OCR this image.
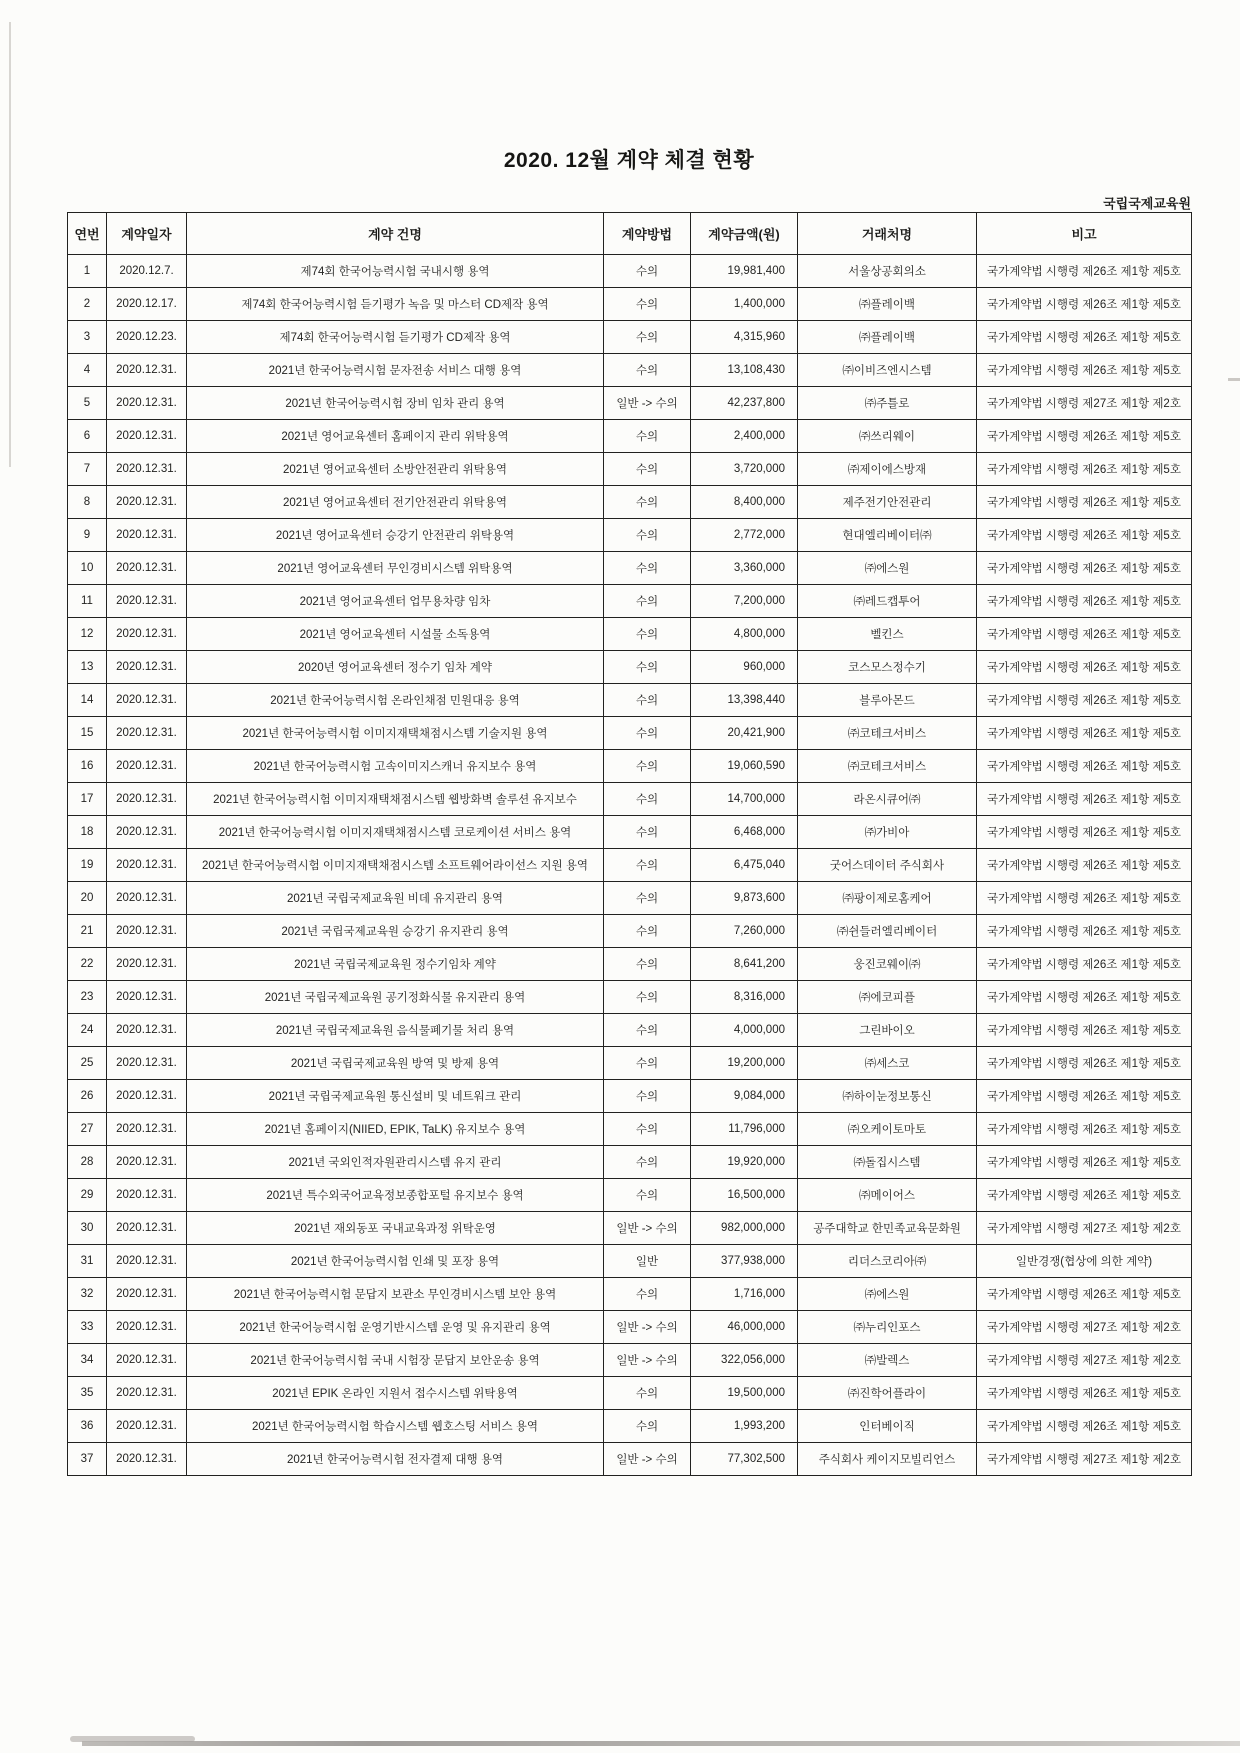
2020. 12월 계약 체결 현황
국립국제교육원
연번	계약일자	계약 건명	계약방법	계약금액(원)	거래처명	비고
1	2020.12.7.	제74회 한국어능력시험 국내시행 용역	수의	19,981,400	서울상공회의소	국가계약법 시행령 제26조 제1항 제5호
2	2020.12.17.	제74회 한국어능력시험 듣기평가 녹음 및 마스터 CD제작 용역	수의	1,400,000	㈜플레이백	국가계약법 시행령 제26조 제1항 제5호
3	2020.12.23.	제74회 한국어능력시험 듣기평가 CD제작 용역	수의	4,315,960	㈜플레이백	국가계약법 시행령 제26조 제1항 제5호
4	2020.12.31.	2021년 한국어능력시험 문자전송 서비스 대행 용역	수의	13,108,430	㈜이비즈엔시스템	국가계약법 시행령 제26조 제1항 제5호
5	2020.12.31.	2021년 한국어능력시험 장비 임차 관리 용역	일반 -> 수의	42,237,800	㈜주틀로	국가계약법 시행령 제27조 제1항 제2호
6	2020.12.31.	2021년 영어교육센터 홈페이지 관리 위탁용역	수의	2,400,000	㈜쓰리웨이	국가계약법 시행령 제26조 제1항 제5호
7	2020.12.31.	2021년 영어교육센터 소방안전관리 위탁용역	수의	3,720,000	㈜제이에스방재	국가계약법 시행령 제26조 제1항 제5호
8	2020.12.31.	2021년 영어교육센터 전기안전관리 위탁용역	수의	8,400,000	제주전기안전관리	국가계약법 시행령 제26조 제1항 제5호
9	2020.12.31.	2021년 영어교육센터 승강기 안전관리 위탁용역	수의	2,772,000	현대엘리베이터㈜	국가계약법 시행령 제26조 제1항 제5호
10	2020.12.31.	2021년 영어교육센터 무인경비시스템 위탁용역	수의	3,360,000	㈜에스원	국가계약법 시행령 제26조 제1항 제5호
11	2020.12.31.	2021년 영어교육센터 업무용차량 임차	수의	7,200,000	㈜레드캡투어	국가계약법 시행령 제26조 제1항 제5호
12	2020.12.31.	2021년 영어교육센터 시설물 소독용역	수의	4,800,000	벨킨스	국가계약법 시행령 제26조 제1항 제5호
13	2020.12.31.	2020년 영어교육센터 정수기 임차 계약	수의	960,000	코스모스정수기	국가계약법 시행령 제26조 제1항 제5호
14	2020.12.31.	2021년 한국어능력시험 온라인채점 민원대응 용역	수의	13,398,440	블루아몬드	국가계약법 시행령 제26조 제1항 제5호
15	2020.12.31.	2021년 한국어능력시험 이미지재택채점시스템 기술지원 용역	수의	20,421,900	㈜코테크서비스	국가계약법 시행령 제26조 제1항 제5호
16	2020.12.31.	2021년 한국어능력시험 고속이미지스캐너 유지보수 용역	수의	19,060,590	㈜코테크서비스	국가계약법 시행령 제26조 제1항 제5호
17	2020.12.31.	2021년 한국어능력시험 이미지재택채점시스템 웹방화벽 솔루션 유지보수	수의	14,700,000	라온시큐어㈜	국가계약법 시행령 제26조 제1항 제5호
18	2020.12.31.	2021년 한국어능력시험 이미지재택채점시스템 코로케이션 서비스 용역	수의	6,468,000	㈜가비아	국가계약법 시행령 제26조 제1항 제5호
19	2020.12.31.	2021년 한국어능력시험 이미지재택채점시스템 소프트웨어라이선스 지원 용역	수의	6,475,040	굿어스데이터 주식회사	국가계약법 시행령 제26조 제1항 제5호
20	2020.12.31.	2021년 국립국제교육원 비데 유지관리 용역	수의	9,873,600	㈜팡이제로홈케어	국가계약법 시행령 제26조 제1항 제5호
21	2020.12.31.	2021년 국립국제교육원 승강기 유지관리 용역	수의	7,260,000	㈜쉰들러엘리베이터	국가계약법 시행령 제26조 제1항 제5호
22	2020.12.31.	2021년 국립국제교육원 정수기임차 계약	수의	8,641,200	웅진코웨이㈜	국가계약법 시행령 제26조 제1항 제5호
23	2020.12.31.	2021년 국립국제교육원 공기정화식물 유지관리 용역	수의	8,316,000	㈜에코피플	국가계약법 시행령 제26조 제1항 제5호
24	2020.12.31.	2021년 국립국제교육원 음식물폐기물 처리 용역	수의	4,000,000	그린바이오	국가계약법 시행령 제26조 제1항 제5호
25	2020.12.31.	2021년 국립국제교육원 방역 및 방제 용역	수의	19,200,000	㈜세스코	국가계약법 시행령 제26조 제1항 제5호
26	2020.12.31.	2021년 국립국제교육원 통신설비 및 네트워크 관리	수의	9,084,000	㈜하이눈정보통신	국가계약법 시행령 제26조 제1항 제5호
27	2020.12.31.	2021년 홈페이지(NIIED, EPIK, TaLK) 유지보수 용역	수의	11,796,000	㈜오케이토마토	국가계약법 시행령 제26조 제1항 제5호
28	2020.12.31.	2021년 국외인적자원관리시스템 유지 관리	수의	19,920,000	㈜돌집시스템	국가계약법 시행령 제26조 제1항 제5호
29	2020.12.31.	2021년 특수외국어교육정보종합포털 유지보수 용역	수의	16,500,000	㈜메이어스	국가계약법 시행령 제26조 제1항 제5호
30	2020.12.31.	2021년 재외동포 국내교육과정 위탁운영	일반 -> 수의	982,000,000	공주대학교 한민족교육문화원	국가계약법 시행령 제27조 제1항 제2호
31	2020.12.31.	2021년 한국어능력시험 인쇄 및 포장 용역	일반	377,938,000	리더스코리아㈜	일반경쟁(협상에 의한 계약)
32	2020.12.31.	2021년 한국어능력시험 문답지 보관소 무인경비시스템 보안 용역	수의	1,716,000	㈜에스원	국가계약법 시행령 제26조 제1항 제5호
33	2020.12.31.	2021년 한국어능력시험 운영기반시스템 운영 및 유지관리 용역	일반 -> 수의	46,000,000	㈜누리인포스	국가계약법 시행령 제27조 제1항 제2호
34	2020.12.31.	2021년 한국어능력시험 국내 시험장 문답지 보안운송 용역	일반 -> 수의	322,056,000	㈜발렉스	국가계약법 시행령 제27조 제1항 제2호
35	2020.12.31.	2021년 EPIK 온라인 지원서 접수시스템 위탁용역	수의	19,500,000	㈜진학어플라이	국가계약법 시행령 제26조 제1항 제5호
36	2020.12.31.	2021년 한국어능력시험 학습시스템 웹호스팅 서비스 용역	수의	1,993,200	인터베이직	국가계약법 시행령 제26조 제1항 제5호
37	2020.12.31.	2021년 한국어능력시험 전자결제 대행 용역	일반 -> 수의	77,302,500	주식회사 케이지모빌리언스	국가계약법 시행령 제27조 제1항 제2호
